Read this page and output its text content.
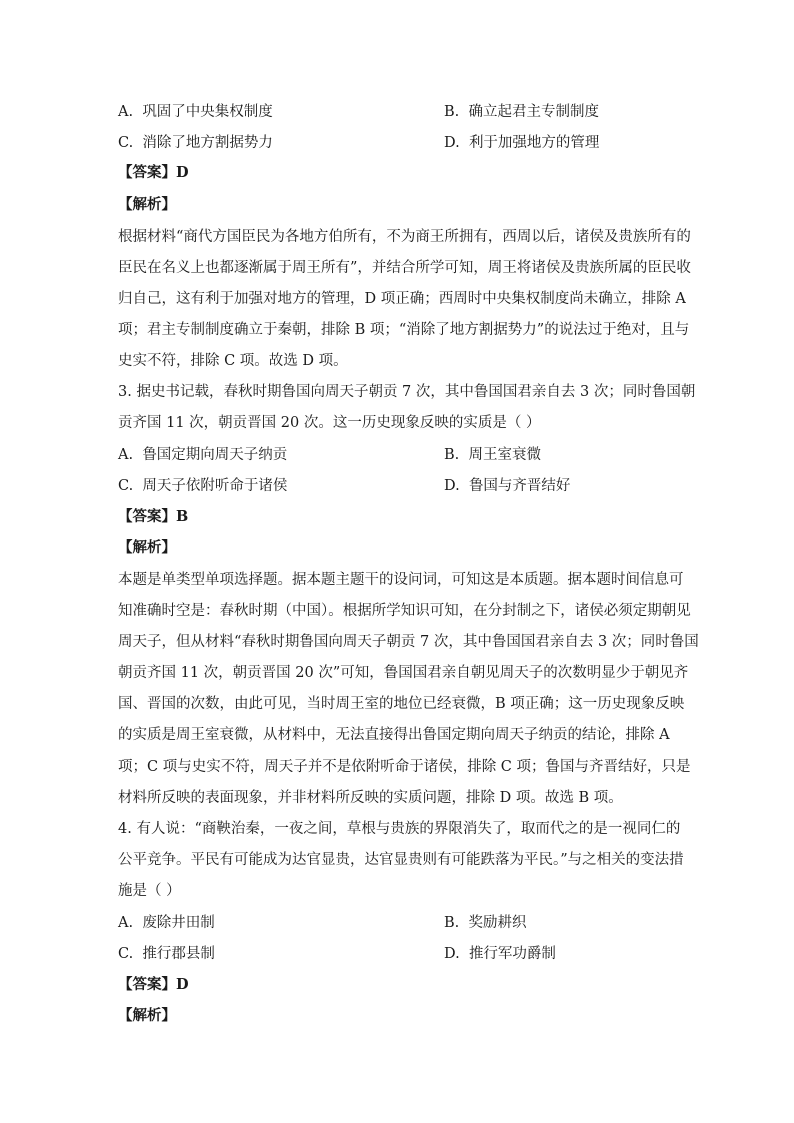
A. 巩固了中央集权制度	B. 确立起君主专制制度
C. 消除了地方割据势力	D. 利于加强地方的管理
【答案】D
【解析】
根据材料“商代方国臣民为各地方伯所有，不为商王所拥有，西周以后，诸侯及贵族所有的
臣民在名义上也都逐渐属于周王所有”，并结合所学可知，周王将诸侯及贵族所属的臣民收
归自己，这有利于加强对地方的管理，D 项正确；西周时中央集权制度尚未确立，排除 A
项；君主专制制度确立于秦朝，排除 B 项；“消除了地方割据势力”的说法过于绝对，且与
史实不符，排除 C 项。故选 D 项。
3. 据史书记载，春秋时期鲁国向周天子朝贡 7 次，其中鲁国国君亲自去 3 次；同时鲁国朝
贡齐国 11 次，朝贡晋国 20 次。这一历史现象反映的实质是（ ）
A. 鲁国定期向周天子纳贡	B. 周王室衰微
C. 周天子依附听命于诸侯	D. 鲁国与齐晋结好
【答案】B
【解析】
本题是单类型单项选择题。据本题主题干的设问词，可知这是本质题。据本题时间信息可
知准确时空是：春秋时期（中国）。根据所学知识可知，在分封制之下，诸侯必须定期朝见
周天子，但从材料“春秋时期鲁国向周天子朝贡 7 次，其中鲁国国君亲自去 3 次；同时鲁国
朝贡齐国 11 次，朝贡晋国 20 次”可知，鲁国国君亲自朝见周天子的次数明显少于朝见齐
国、晋国的次数，由此可见，当时周王室的地位已经衰微，B 项正确；这一历史现象反映
的实质是周王室衰微，从材料中，无法直接得出鲁国定期向周天子纳贡的结论，排除 A
项；C 项与史实不符，周天子并不是依附听命于诸侯，排除 C 项；鲁国与齐晋结好，只是
材料所反映的表面现象，并非材料所反映的实质问题，排除 D 项。故选 B 项。
4. 有人说：“商鞅治秦，一夜之间，草根与贵族的界限消失了，取而代之的是一视同仁的
公平竞争。平民有可能成为达官显贵，达官显贵则有可能跌落为平民。”与之相关的变法措
施是（ ）
A. 废除井田制	B. 奖励耕织
C. 推行郡县制	D. 推行军功爵制
【答案】D
【解析】
